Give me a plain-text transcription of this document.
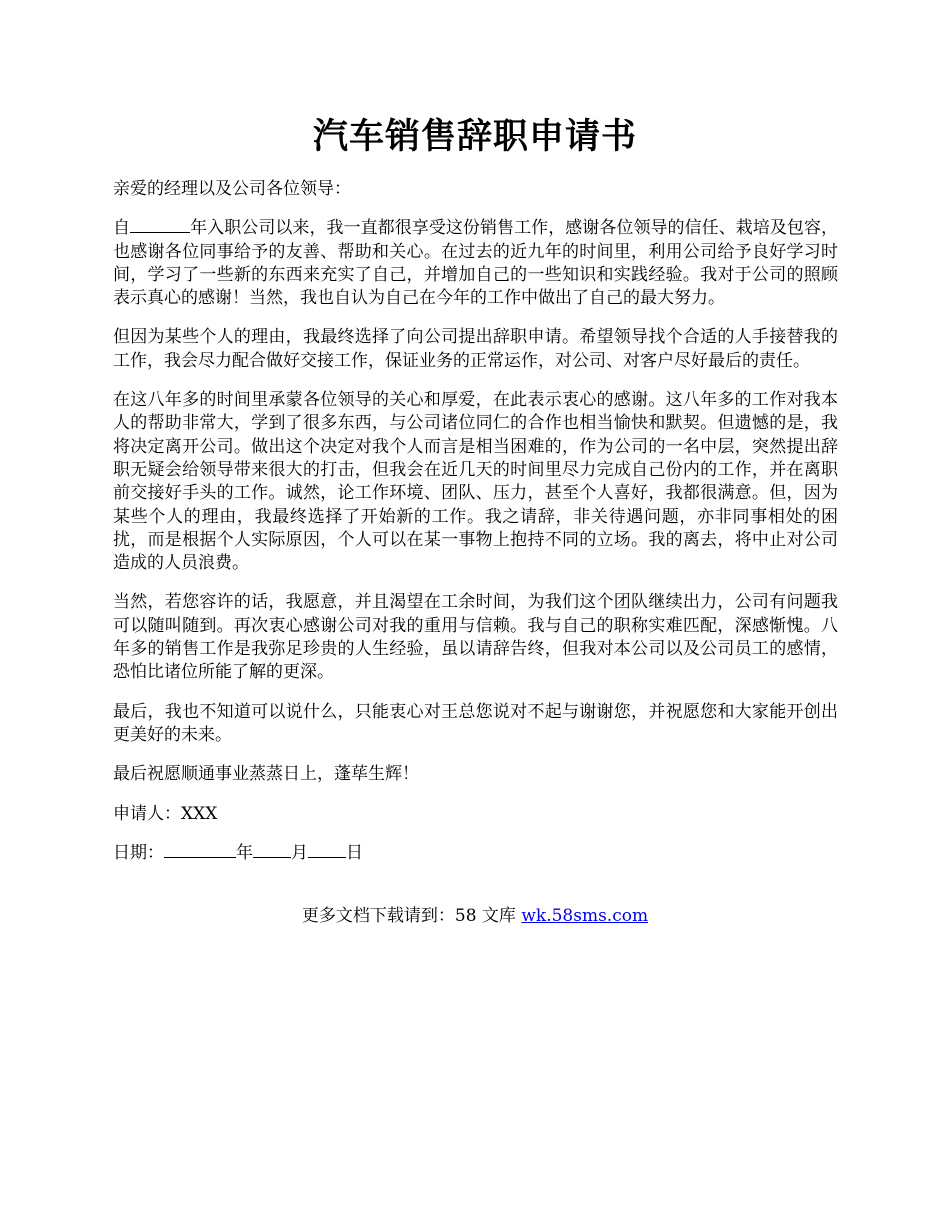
汽车销售辞职申请书

亲爱的经理以及公司各位领导：

自	年入职公司以来，我一直都很享受这份销售工作，感谢各位领导的信任、栽培及包容，也感谢各位同事给予的友善、帮助和关心。在过去的近九年的时间里，利用公司给予良好学习时间，学习了一些新的东西来充实了自己，并增加自己的一些知识和实践经验。我对于公司的照顾表示真心的感谢！当然，我也自认为自己在今年的工作中做出了自己的最大努力。

但因为某些个人的理由，我最终选择了向公司提出辞职申请。希望领导找个合适的人手接替我的工作，我会尽力配合做好交接工作，保证业务的正常运作，对公司、对客户尽好最后的责任。

在这八年多的时间里承蒙各位领导的关心和厚爱，在此表示衷心的感谢。这八年多的工作对我本人的帮助非常大，学到了很多东西，与公司诸位同仁的合作也相当愉快和默契。但遗憾的是，我将决定离开公司。做出这个决定对我个人而言是相当困难的，作为公司的一名中层，突然提出辞职无疑会给领导带来很大的打击，但我会在近几天的时间里尽力完成自己份内的工作，并在离职前交接好手头的工作。诚然，论工作环境、团队、压力，甚至个人喜好，我都很满意。但，因为某些个人的理由，我最终选择了开始新的工作。我之请辞，非关待遇问题，亦非同事相处的困扰，而是根据个人实际原因，个人可以在某一事物上抱持不同的立场。我的离去，将中止对公司造成的人员浪费。

当然，若您容许的话，我愿意，并且渴望在工余时间，为我们这个团队继续出力，公司有问题我可以随叫随到。再次衷心感谢公司对我的重用与信赖。我与自己的职称实难匹配，深感惭愧。八年多的销售工作是我弥足珍贵的人生经验，虽以请辞告终，但我对本公司以及公司员工的感情，恐怕比诸位所能了解的更深。

最后，我也不知道可以说什么，只能衷心对王总您说对不起与谢谢您，并祝愿您和大家能开创出更美好的未来。

最后祝愿顺通事业蒸蒸日上，蓬荜生辉！

申请人：XXX

日期：	年 月 日

更多文档下载请到：58 文库 wk.58sms.com
